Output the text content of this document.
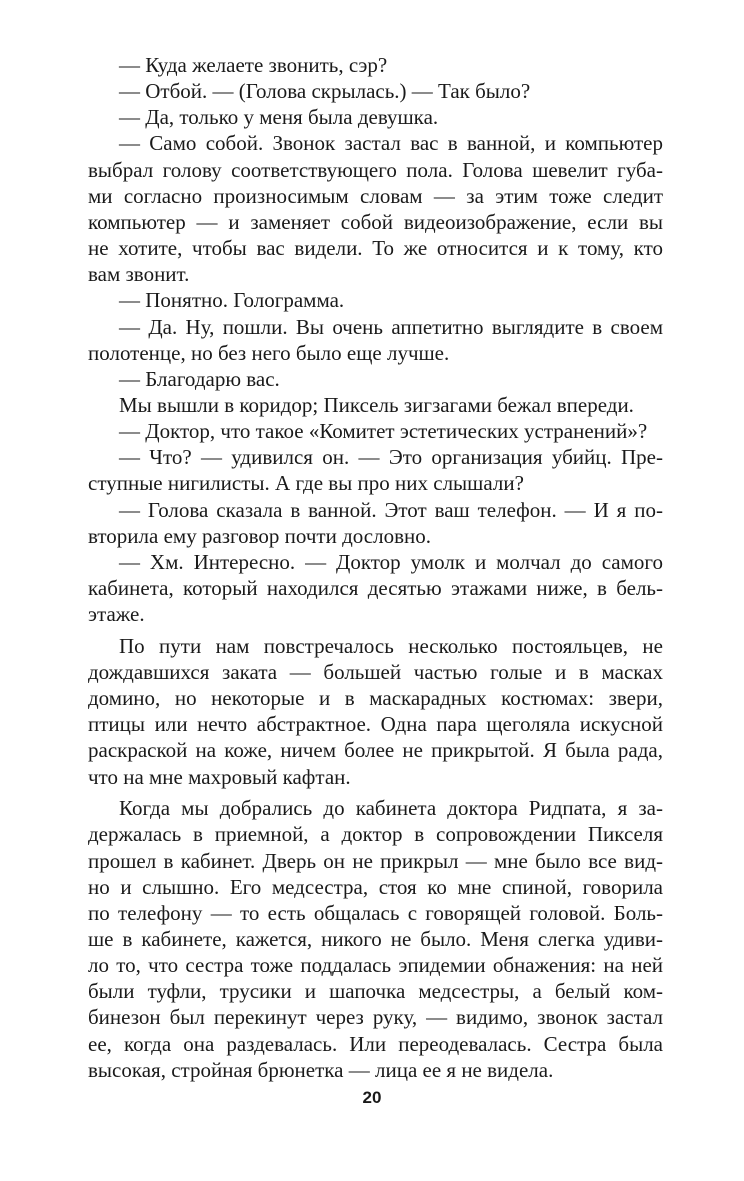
— Куда желаете звонить, сэр?
— Отбой. — (Голова скрылась.) — Так было?
— Да, только у меня была девушка.
— Само собой. Звонок застал вас в ванной, и компьютер
выбрал голову соответствующего пола. Голова шевелит губа-
ми согласно произносимым словам — за этим тоже следит
компьютер — и заменяет собой видеоизображение, если вы
не хотите, чтобы вас видели. То же относится и к тому, кто
вам звонит.
— Понятно. Голограмма.
— Да. Ну, пошли. Вы очень аппетитно выглядите в своем
полотенце, но без него было еще лучше.
— Благодарю вас.
Мы вышли в коридор; Пиксель зигзагами бежал впереди.
— Доктор, что такое «Комитет эстетических устранений»?
— Что? — удивился он. — Это организация убийц. Пре-
ступные нигилисты. А где вы про них слышали?
— Голова сказала в ванной. Этот ваш телефон. — И я по-
вторила ему разговор почти дословно.
— Хм. Интересно. — Доктор умолк и молчал до самого
кабинета, который находился десятью этажами ниже, в бель-
этаже.
По пути нам повстречалось несколько постояльцев, не
дождавшихся заката — большей частью голые и в масках
домино, но некоторые и в маскарадных костюмах: звери,
птицы или нечто абстрактное. Одна пара щеголяла искусной
раскраской на коже, ничем более не прикрытой. Я была рада,
что на мне махровый кафтан.
Когда мы добрались до кабинета доктора Ридпата, я за-
держалась в приемной, а доктор в сопровождении Пикселя
прошел в кабинет. Дверь он не прикрыл — мне было все вид-
но и слышно. Его медсестра, стоя ко мне спиной, говорила
по телефону — то есть общалась с говорящей головой. Боль-
ше в кабинете, кажется, никого не было. Меня слегка удиви-
ло то, что сестра тоже поддалась эпидемии обнажения: на ней
были туфли, трусики и шапочка медсестры, а белый ком-
бинезон был перекинут через руку, — видимо, звонок застал
ее, когда она раздевалась. Или переодевалась. Сестра была
высокая, стройная брюнетка — лица ее я не видела.
20
